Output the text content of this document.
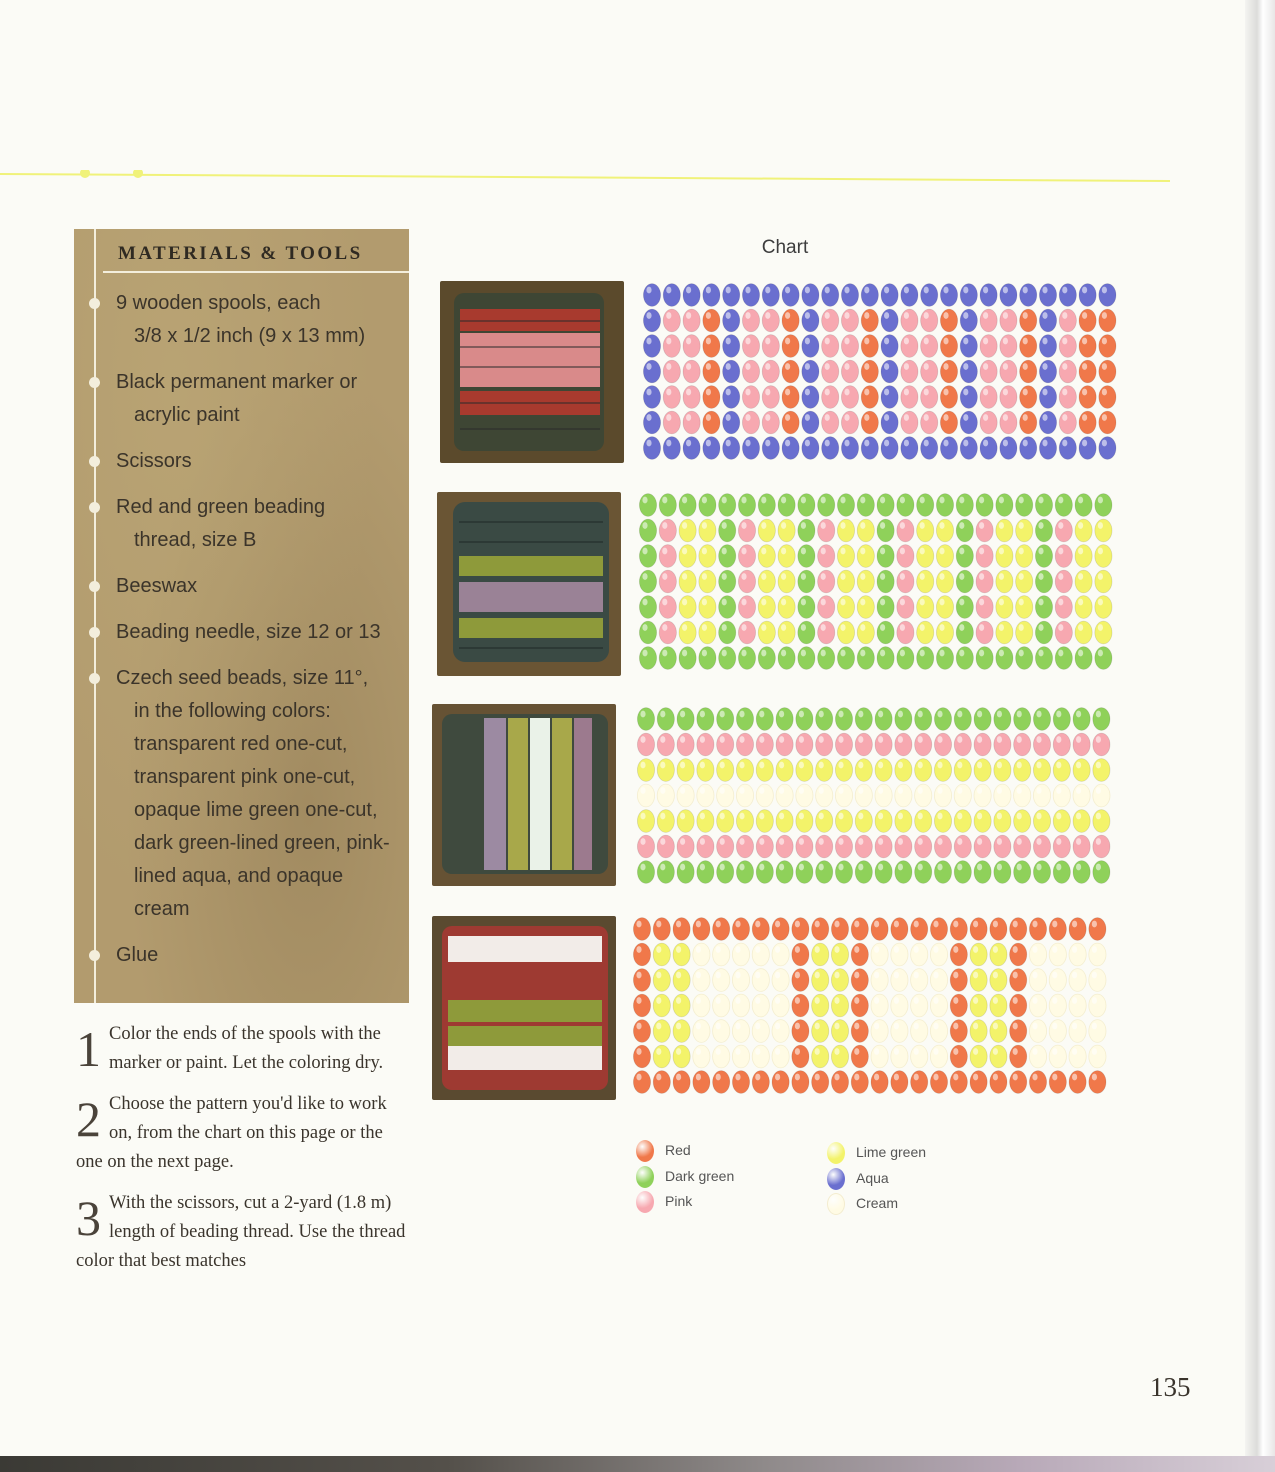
MATERIALS & TOOLS
9 wooden spools, each
3/8 x 1/2 inch (9 x 13 mm)
Black permanent marker or
acrylic paint
Scissors
Red and green beading
thread, size B
Beeswax
Beading needle, size 12 or 13
Czech seed beads, size 11°,
in the following colors: transparent red one-cut, transparent pink one-cut, opaque lime green one-cut, dark green-lined green, pink-lined aqua, and opaque cream
Glue
1 Color the ends of the spools with the marker or paint. Let the coloring dry.
2 Choose the pattern you'd like to work on, from the chart on this page or the one on the next page.
3 With the scissors, cut a 2-yard (1.8 m) length of beading thread. Use the thread color that best matches
Chart
Red
Dark green
Pink
Lime green
Aqua
Cream
135
